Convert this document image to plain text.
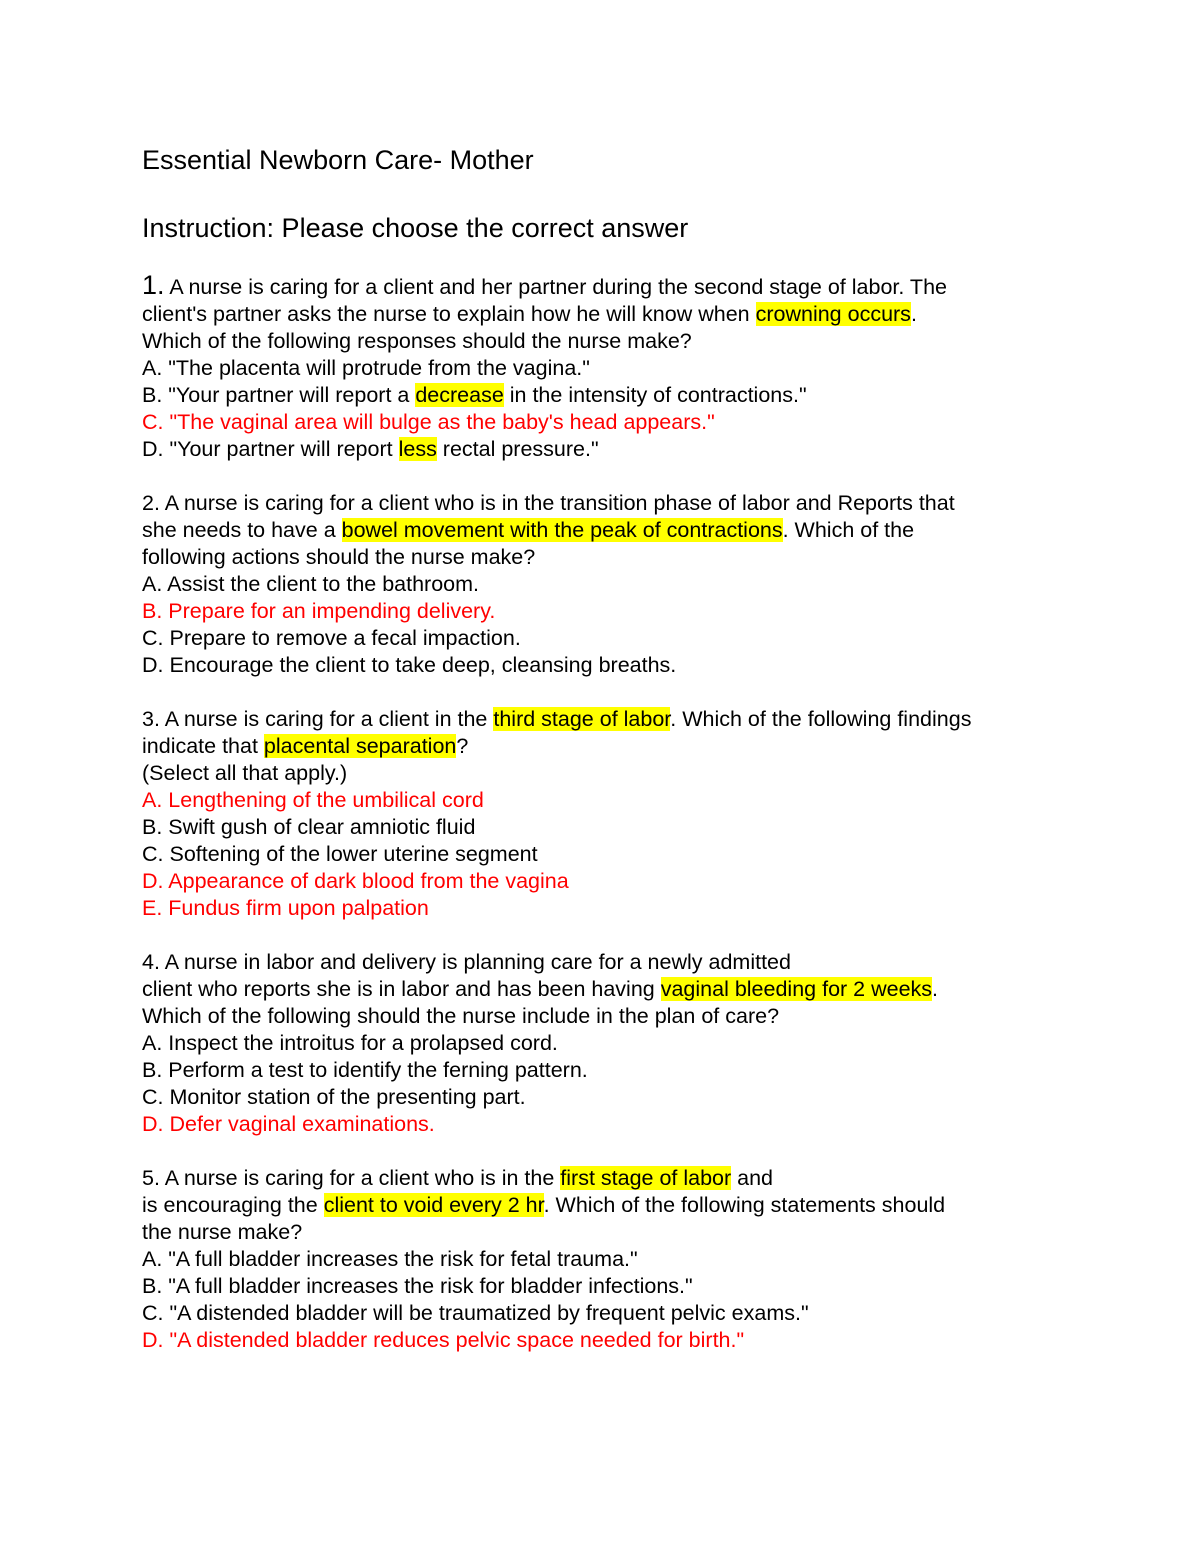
Essential Newborn Care- Mother
Instruction: Please choose the correct answer
1. A nurse is caring for a client and her partner during the second stage of labor. The
client's partner asks the nurse to explain how he will know when crowning occurs.
Which of the following responses should the nurse make?
A. "The placenta will protrude from the vagina."
B. "Your partner will report a decrease in the intensity of contractions."
C. "The vaginal area will bulge as the baby's head appears."
D. "Your partner will report less rectal pressure."
2. A nurse is caring for a client who is in the transition phase of labor and Reports that
she needs to have a bowel movement with the peak of contractions. Which of the
following actions should the nurse make?
A. Assist the client to the bathroom.
B. Prepare for an impending delivery.
C. Prepare to remove a fecal impaction.
D. Encourage the client to take deep, cleansing breaths.
3. A nurse is caring for a client in the third stage of labor. Which of the following findings
indicate that placental separation?
(Select all that apply.)
A. Lengthening of the umbilical cord
B. Swift gush of clear amniotic fluid
C. Softening of the lower uterine segment
D. Appearance of dark blood from the vagina
E. Fundus firm upon palpation
4. A nurse in labor and delivery is planning care for a newly admitted
client who reports she is in labor and has been having vaginal bleeding for 2 weeks.
Which of the following should the nurse include in the plan of care?
A. Inspect the introitus for a prolapsed cord.
B. Perform a test to identify the ferning pattern.
C. Monitor station of the presenting part.
D. Defer vaginal examinations.
5. A nurse is caring for a client who is in the first stage of labor and
is encouraging the client to void every 2 hr. Which of the following statements should
the nurse make?
A. "A full bladder increases the risk for fetal trauma."
B. "A full bladder increases the risk for bladder infections."
C. "A distended bladder will be traumatized by frequent pelvic exams."
D. "A distended bladder reduces pelvic space needed for birth."
